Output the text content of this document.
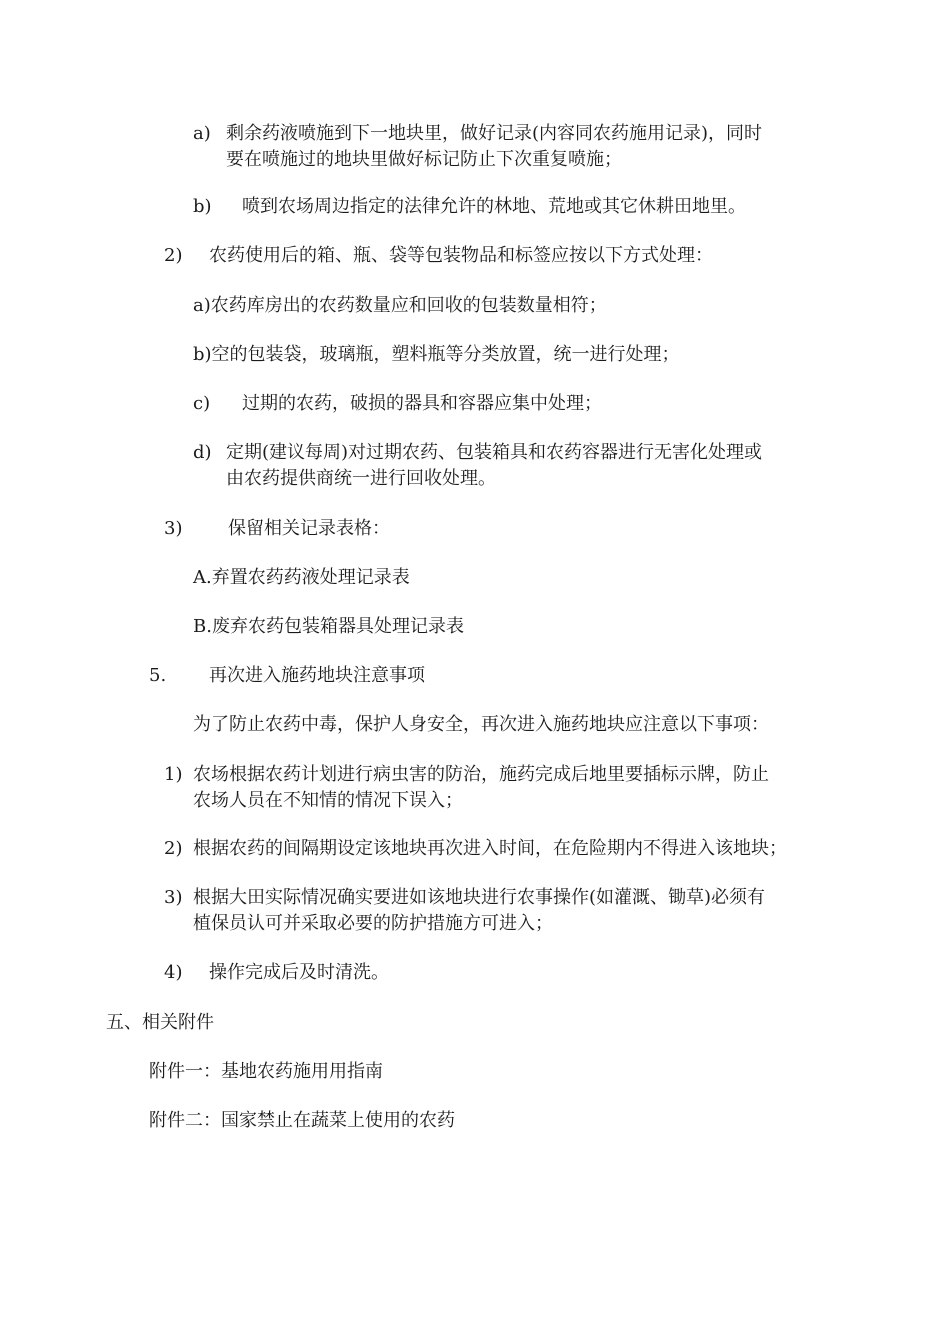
a) 剩余药液喷施到下一地块里，做好记录(内容同农药施用记录)，同时
要在喷施过的地块里做好标记防止下次重复喷施；
b) 喷到农场周边指定的法律允许的林地、荒地或其它休耕田地里。
2) 农药使用后的箱、瓶、袋等包装物品和标签应按以下方式处理：
a)农药库房出的农药数量应和回收的包装数量相符；
b)空的包装袋，玻璃瓶，塑料瓶等分类放置，统一进行处理；
c) 过期的农药，破损的器具和容器应集中处理；
d) 定期(建议每周)对过期农药、包装箱具和农药容器进行无害化处理或
由农药提供商统一进行回收处理。
3)	保留相关记录表格：
A.弃置农药药液处理记录表
B.废弃农药包装箱器具处理记录表
5. 再次进入施药地块注意事项
为了防止农药中毒，保护人身安全，再次进入施药地块应注意以下事项：
1) 农场根据农药计划进行病虫害的防治，施药完成后地里要插标示牌，防止
农场人员在不知情的情况下误入；
2) 根据农药的间隔期设定该地块再次进入时间，在危险期内不得进入该地块；
3) 根据大田实际情况确实要进如该地块进行农事操作(如灌溉、锄草)必须有
植保员认可并采取必要的防护措施方可进入；
4) 操作完成后及时清洗。
五、相关附件
附件一：基地农药施用用指南
附件二：国家禁止在蔬菜上使用的农药
